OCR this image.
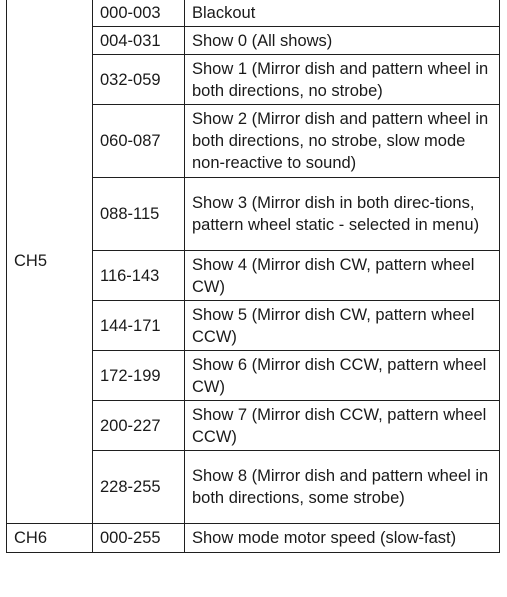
CH5	000-003	Blackout
	004-031	Show 0 (All shows)
	032-059	Show 1 (Mirror dish and pattern wheel in both directions, no strobe)
	060-087	Show 2 (Mirror dish and pattern wheel in both directions, no strobe, slow mode non-reactive to sound)
	088-115	Show 3 (Mirror dish in both direc-tions, pattern wheel static - selected in menu)
	116-143	Show 4 (Mirror dish CW, pattern wheel CW)
	144-171	Show 5 (Mirror dish CW, pattern wheel CCW)
	172-199	Show 6 (Mirror dish CCW, pattern wheel CW)
	200-227	Show 7 (Mirror dish CCW, pattern wheel CCW)
	228-255	Show 8 (Mirror dish and pattern wheel in both directions, some strobe)
CH6	000-255	Show mode motor speed (slow-fast)
